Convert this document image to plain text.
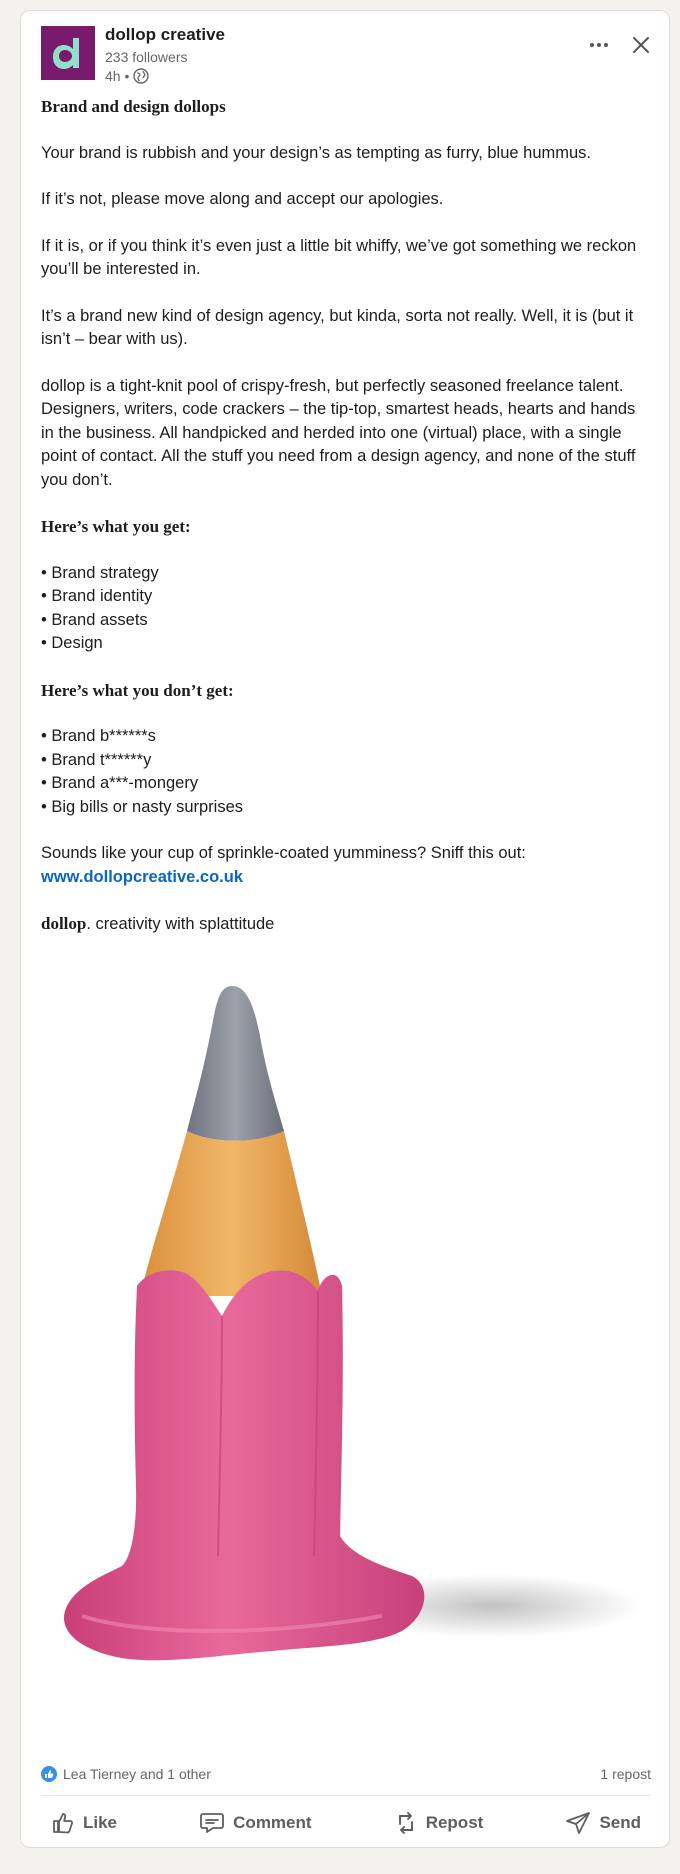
dollop creative
233 followers
4h •

Brand and design dollops

Your brand is rubbish and your design’s as tempting as furry, blue hummus.

If it’s not, please move along and accept our apologies.

If it is, or if you think it’s even just a little bit whiffy, we’ve got something we reckon you’ll be interested in.

It’s a brand new kind of design agency, but kinda, sorta not really. Well, it is (but it isn’t – bear with us).

dollop is a tight-knit pool of crispy-fresh, but perfectly seasoned freelance talent. Designers, writers, code crackers – the tip-top, smartest heads, hearts and hands in the business. All handpicked and herded into one (virtual) place, with a single point of contact. All the stuff you need from a design agency, and none of the stuff you don’t.

Here’s what you get:

• Brand strategy
• Brand identity
• Brand assets
• Design

Here’s what you don’t get:

• Brand b******s
• Brand t******y
• Brand a***-mongery
• Big bills or nasty surprises

Sounds like your cup of sprinkle-coated yumminess? Sniff this out:
www.dollopcreative.co.uk

dollop. creativity with splattitude

Lea Tierney and 1 other	1 repost
Like	Comment	Repost	Send
